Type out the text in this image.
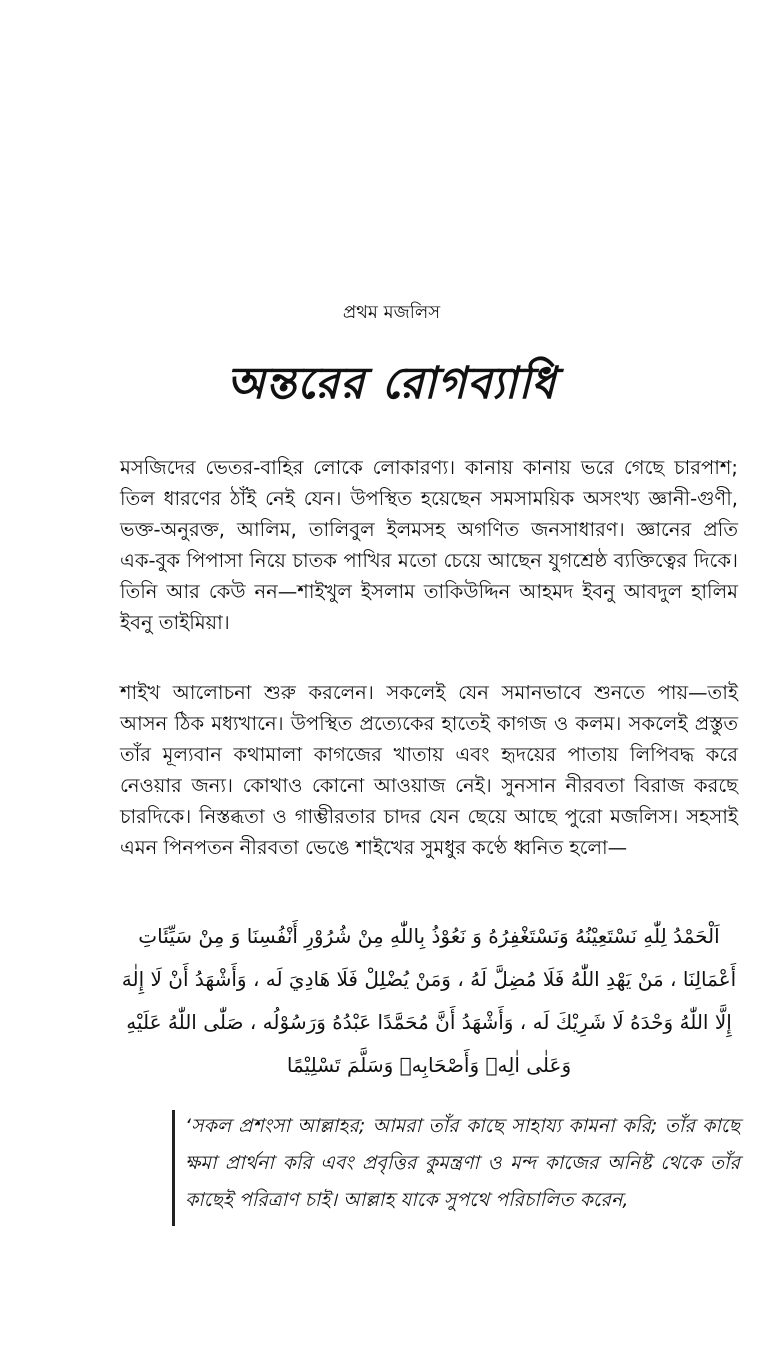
প্রথম মজলিস
অন্তরের রোগব্যাধি

মসজিদের ভেতর-বাহির লোকে লোকারণ্য। কানায় কানায় ভরে গেছে চারপাশ; তিল ধারণের ঠাঁই নেই যেন। উপস্থিত হয়েছেন সমসাময়িক অসংখ্য জ্ঞানী-গুণী, ভক্ত-অনুরক্ত, আলিম, তালিবুল ইলমসহ অগণিত জনসাধারণ। জ্ঞানের প্রতি এক-বুক পিপাসা নিয়ে চাতক পাখির মতো চেয়ে আছেন যুগশ্রেষ্ঠ ব্যক্তিত্বের দিকে। তিনি আর কেউ নন—শাইখুল ইসলাম তাকিউদ্দিন আহমদ ইবনু আবদুল হালিম ইবনু তাইমিয়া।

শাইখ আলোচনা শুরু করলেন। সকলেই যেন সমানভাবে শুনতে পায়—তাই আসন ঠিক মধ্যখানে। উপস্থিত প্রত্যেকের হাতেই কাগজ ও কলম। সকলেই প্রস্তুত তাঁর মূল্যবান কথামালা কাগজের খাতায় এবং হৃদয়ের পাতায় লিপিবদ্ধ করে নেওয়ার জন্য। কোথাও কোনো আওয়াজ নেই। সুনসান নীরবতা বিরাজ করছে চারদিকে। নিস্তব্ধতা ও গাম্ভীরতার চাদর যেন ছেয়ে আছে পুরো মজলিস। সহসাই এমন পিনপতন নীরবতা ভেঙে শাইখের সুমধুর কণ্ঠে ধ্বনিত হলো—

اَلْحَمْدُ لِلّٰهِ نَسْتَعِيْنُهُ وَنَسْتَغْفِرُهُ وَ نَعُوْذُ بِاللّٰهِ مِنْ شُرُوْرِ أَنْفُسِنَا وَ مِنْ سَيِّئَاتِ أَعْمَالِنَا ، مَنْ يَهْدِ اللّٰهُ فَلَا مُضِلَّ لَهُ ، وَمَنْ يُضْلِلْ فَلَا هَادِيَ لَه ، وَأَشْهَدُ أَنْ لَا إِلٰهَ إِلَّا اللّٰهُ وَحْدَهُ لَا شَرِيْكَ لَه ، وَأَشْهَدُ أَنَّ مُحَمَّدًا عَبْدُهُ وَرَسُوْلُه ، صَلّٰى اللّٰهُ عَلَيْهِ وَعَلٰى اٰلِهٖ وَأَصْحَابِهٖ وَسَلَّمَ تَسْلِيْمًا

‘সকল প্রশংসা আল্লাহর; আমরা তাঁর কাছে সাহায্য কামনা করি; তাঁর কাছে ক্ষমা প্রার্থনা করি এবং প্রবৃত্তির কুমন্ত্রণা ও মন্দ কাজের অনিষ্ট থেকে তাঁর কাছেই পরিত্রাণ চাই। আল্লাহ যাকে সুপথে পরিচালিত করেন,
